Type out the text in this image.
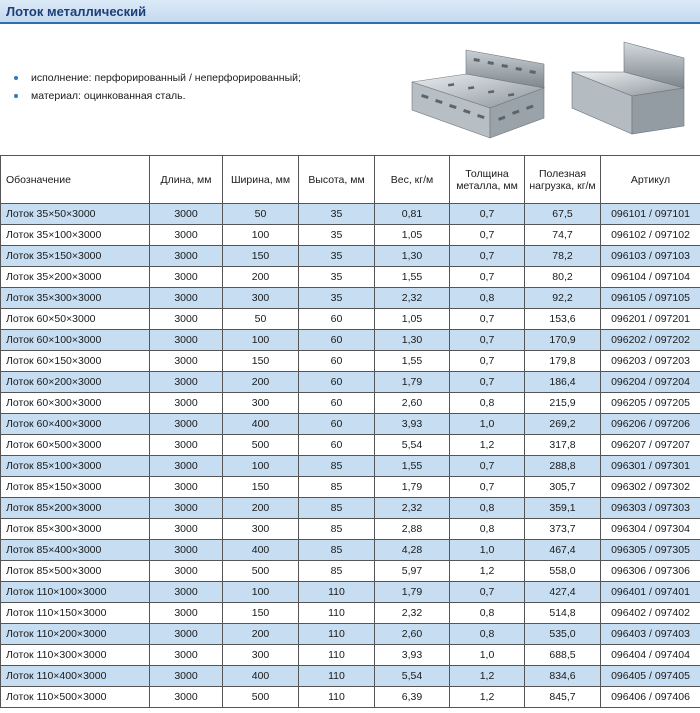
Лоток металлический
исполнение: перфорированный / неперфорированный;
материал: оцинкованная сталь.
Обозначение	Длина, мм	Ширина, мм	Высота, мм	Вес, кг/м	Толщина металла, мм	Полезная нагрузка, кг/м	Артикул
Лоток 35×50×3000	3000	50	35	0,81	0,7	67,5	096101 / 097101
Лоток 35×100×3000	3000	100	35	1,05	0,7	74,7	096102 / 097102
Лоток 35×150×3000	3000	150	35	1,30	0,7	78,2	096103 / 097103
Лоток 35×200×3000	3000	200	35	1,55	0,7	80,2	096104 / 097104
Лоток 35×300×3000	3000	300	35	2,32	0,8	92,2	096105 / 097105
Лоток 60×50×3000	3000	50	60	1,05	0,7	153,6	096201 / 097201
Лоток 60×100×3000	3000	100	60	1,30	0,7	170,9	096202 / 097202
Лоток 60×150×3000	3000	150	60	1,55	0,7	179,8	096203 / 097203
Лоток 60×200×3000	3000	200	60	1,79	0,7	186,4	096204 / 097204
Лоток 60×300×3000	3000	300	60	2,60	0,8	215,9	096205 / 097205
Лоток 60×400×3000	3000	400	60	3,93	1,0	269,2	096206 / 097206
Лоток 60×500×3000	3000	500	60	5,54	1,2	317,8	096207 / 097207
Лоток 85×100×3000	3000	100	85	1,55	0,7	288,8	096301 / 097301
Лоток 85×150×3000	3000	150	85	1,79	0,7	305,7	096302 / 097302
Лоток 85×200×3000	3000	200	85	2,32	0,8	359,1	096303 / 097303
Лоток 85×300×3000	3000	300	85	2,88	0,8	373,7	096304 / 097304
Лоток 85×400×3000	3000	400	85	4,28	1,0	467,4	096305 / 097305
Лоток 85×500×3000	3000	500	85	5,97	1,2	558,0	096306 / 097306
Лоток 110×100×3000	3000	100	110	1,79	0,7	427,4	096401 / 097401
Лоток 110×150×3000	3000	150	110	2,32	0,8	514,8	096402 / 097402
Лоток 110×200×3000	3000	200	110	2,60	0,8	535,0	096403 / 097403
Лоток 110×300×3000	3000	300	110	3,93	1,0	688,5	096404 / 097404
Лоток 110×400×3000	3000	400	110	5,54	1,2	834,6	096405 / 097405
Лоток 110×500×3000	3000	500	110	6,39	1,2	845,7	096406 / 097406
